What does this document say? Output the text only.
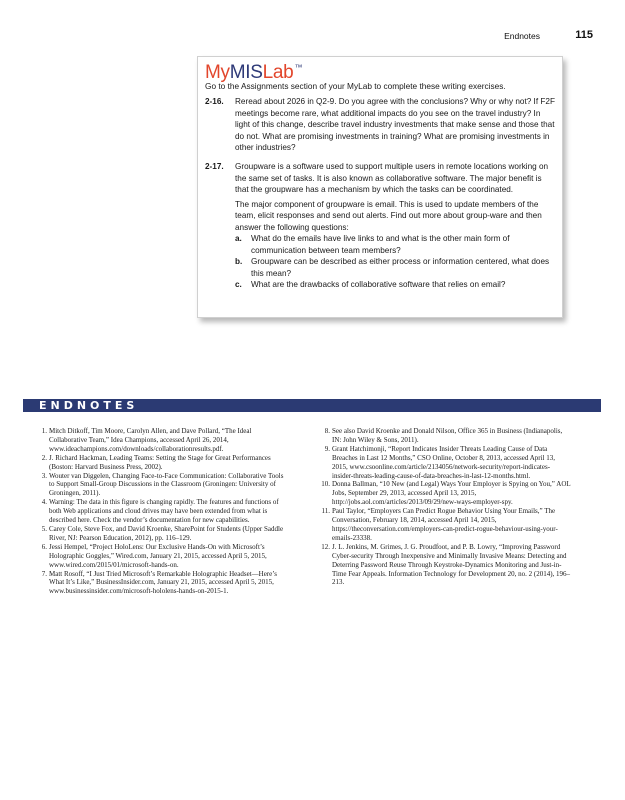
Endnotes	115
MyMISLab™
Go to the Assignments section of your MyLab to complete these writing exercises.
2-16.	Reread about 2026 in Q2-9. Do you agree with the conclusions? Why or why not? If F2F meetings become rare, what additional impacts do you see on the travel industry? In light of this change, describe travel industry investments that make sense and those that do not. What are promising investments in training? What are promising investments in other industries?

2-17.	Groupware is a software used to support multiple users in remote locations working on the same set of tasks. It is also known as collaborative software. The major benefit is that the groupware has a mechanism by which the tasks can be coordinated.

The major component of groupware is email. This is used to update members of the team, elicit responses and send out alerts. Find out more about group-ware and then answer the following questions:

a. What do the emails have live links to and what is the other main form of communication between team members?
b. Groupware can be described as either process or information centered, what does this mean?
c. What are the drawbacks of collaborative software that relies on email?
ENDNOTES
1. Mitch Ditkoff, Tim Moore, Carolyn Allen, and Dave Pollard, “The Ideal Collaborative Team,” Idea Champions, accessed April 26, 2014, www.ideachampions.com/downloads/collaborationresults.pdf.
2. J. Richard Hackman, Leading Teams: Setting the Stage for Great Performances (Boston: Harvard Business Press, 2002).
3. Wouter van Diggelen, Changing Face-to-Face Communication: Collaborative Tools to Support Small-Group Discussions in the Classroom (Groningen: University of Groningen, 2011).
4. Warning: The data in this figure is changing rapidly. The features and functions of both Web applications and cloud drives may have been extended from what is described here. Check the vendor’s documentation for new capabilities.
5. Carey Cole, Steve Fox, and David Kroenke, SharePoint for Students (Upper Saddle River, NJ: Pearson Education, 2012), pp. 116–129.
6. Jessi Hempel, “Project HoloLens: Our Exclusive Hands-On with Microsoft’s Holographic Goggles,” Wired.com, January 21, 2015, accessed April 5, 2015, www.wired.com/2015/01/microsoft-hands-on.
7. Matt Rosoff, “I Just Tried Microsoft’s Remarkable Holographic Headset—Here’s What It’s Like,” BusinessInsider.com, January 21, 2015, accessed April 5, 2015, www.businessinsider.com/microsoft-hololens-hands-on-2015-1.
8. See also David Kroenke and Donald Nilson, Office 365 in Business (Indianapolis, IN: John Wiley & Sons, 2011).
9. Grant Hatchimonji, “Report Indicates Insider Threats Leading Cause of Data Breaches in Last 12 Months,” CSO Online, October 8, 2013, accessed April 13, 2015, www.csoonline.com/article/2134056/network-security/report-indicates-insider-threats-leading-cause-of-data-breaches-in-last-12-months.html.
10. Donna Ballman, “10 New (and Legal) Ways Your Employer is Spying on You,” AOL Jobs, September 29, 2013, accessed April 13, 2015, http://jobs.aol.com/articles/2013/09/29/new-ways-employer-spy.
11. Paul Taylor, “Employers Can Predict Rogue Behavior Using Your Emails,” The Conversation, February 18, 2014, accessed April 14, 2015, https://theconversation.com/employers-can-predict-rogue-behaviour-using-your-emails-23338.
12. J. L. Jenkins, M. Grimes, J. G. Proudfoot, and P. B. Lowry, “Improving Password Cyber-security Through Inexpensive and Minimally Invasive Means: Detecting and Deterring Password Reuse Through Keystroke-Dynamics Monitoring and Just-in-Time Fear Appeals. Information Technology for Development 20, no. 2 (2014), 196–213.
